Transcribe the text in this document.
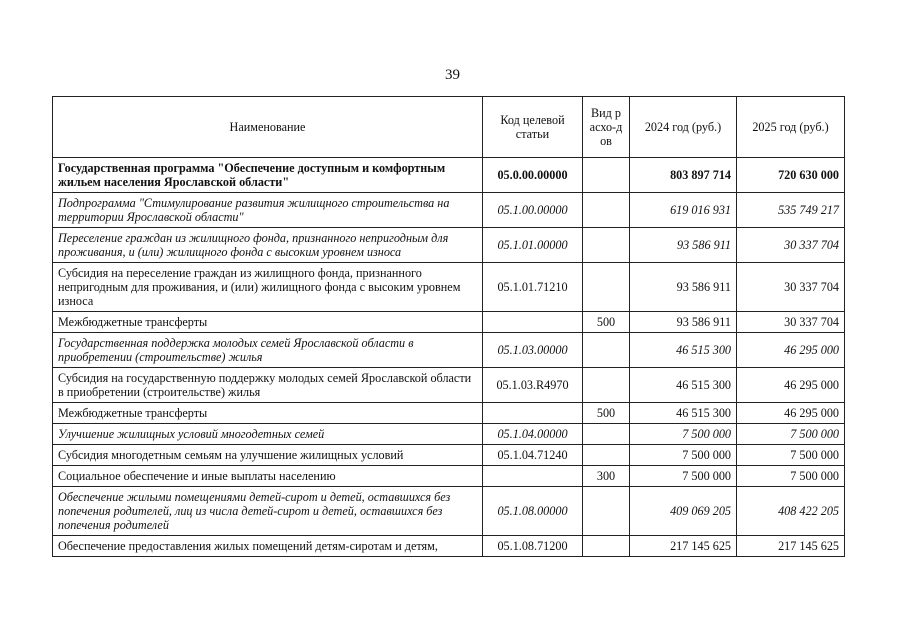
39
Наименование	Код целевой статьи	Вид расхо-дов	2024 год (руб.)	2025 год (руб.)
Государственная программа "Обеспечение доступным и комфортным жильем населения Ярославской области"	05.0.00.00000		803 897 714	720 630 000
Подпрограмма "Стимулирование развития жилищного строительства на территории Ярославской области"	05.1.00.00000		619 016 931	535 749 217
Переселение граждан из жилищного фонда, признанного непригодным для проживания, и (или) жилищного фонда с высоким уровнем износа	05.1.01.00000		93 586 911	30 337 704
Субсидия на переселение граждан из жилищного фонда, признанного непригодным для проживания, и (или) жилищного фонда с высоким уровнем износа	05.1.01.71210		93 586 911	30 337 704
Межбюджетные трансферты		500	93 586 911	30 337 704
Государственная поддержка молодых семей Ярославской области в приобретении (строительстве) жилья	05.1.03.00000		46 515 300	46 295 000
Субсидия на государственную поддержку молодых семей Ярославской области в приобретении (строительстве) жилья	05.1.03.R4970		46 515 300	46 295 000
Межбюджетные трансферты		500	46 515 300	46 295 000
Улучшение жилищных условий многодетных семей	05.1.04.00000		7 500 000	7 500 000
Субсидия многодетным семьям на улучшение жилищных условий	05.1.04.71240		7 500 000	7 500 000
Социальное обеспечение и иные выплаты населению		300	7 500 000	7 500 000
Обеспечение жилыми помещениями детей-сирот и детей, оставшихся без попечения родителей, лиц из числа детей-сирот и детей, оставшихся без попечения родителей	05.1.08.00000		409 069 205	408 422 205
Обеспечение предоставления жилых помещений детям-сиротам и детям,	05.1.08.71200		217 145 625	217 145 625
